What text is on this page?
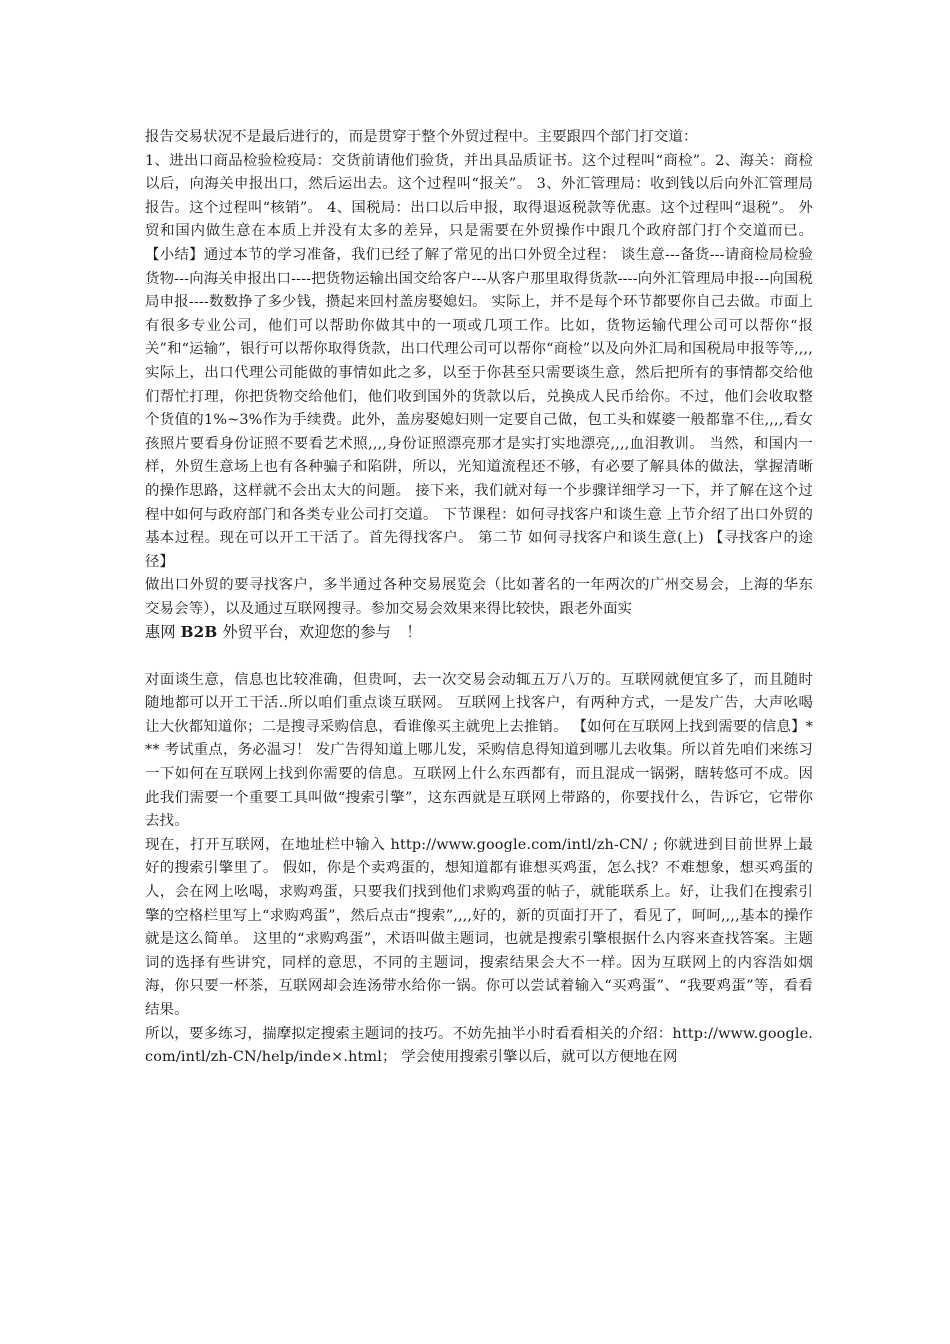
报告交易状况不是最后进行的，而是贯穿于整个外贸过程中。主要跟四个部门打交道：

1、进出口商品检验检疫局：交货前请他们验货，并出具品质证书。这个过程叫“商检”。2、海关：商检以后，向海关申报出口，然后运出去。这个过程叫“报关”。 3、外汇管理局：收到钱以后向外汇管理局报告。这个过程叫“核销”。 4、国税局：出口以后申报，取得退返税款等优惠。这个过程叫“退税”。 外贸和国内做生意在本质上并没有太多的差异，只是需要在外贸操作中跟几个政府部门打个交道而已。 【小结】通过本节的学习准备，我们已经了解了常见的出口外贸全过程： 谈生意---备货---请商检局检验货物---向海关申报出口----把货物运输出国交给客户---从客户那里取得货款----向外汇管理局申报---向国税局申报----数数挣了多少钱，攒起来回村盖房娶媳妇。 实际上，并不是每个环节都要你自己去做。市面上有很多专业公司，他们可以帮助你做其中的一项或几项工作。比如，货物运输代理公司可以帮你“报关”和“运输”，银行可以帮你取得货款，出口代理公司可以帮你“商检”以及向外汇局和国税局申报等等,,,,实际上，出口代理公司能做的事情如此之多，以至于你甚至只需要谈生意，然后把所有的事情都交给他们帮忙打理，你把货物交给他们，他们收到国外的货款以后，兑换成人民币给你。不过，他们会收取整个货值的1%~3%作为手续费。此外，盖房娶媳妇则一定要自己做，包工头和媒婆一般都靠不住,,,,看女孩照片要看身份证照不要看艺术照,,,,身份证照漂亮那才是实打实地漂亮,,,,血泪教训。 当然，和国内一样，外贸生意场上也有各种骗子和陷阱，所以，光知道流程还不够，有必要了解具体的做法，掌握清晰的操作思路，这样就不会出太大的问题。 接下来，我们就对每一个步骤详细学习一下，并了解在这个过程中如何与政府部门和各类专业公司打交道。 下节课程：如何寻找客户和谈生意 上节介绍了出口外贸的基本过程。现在可以开工干活了。首先得找客户。 第二节 如何寻找客户和谈生意(上) 【寻找客户的途径】

做出口外贸的要寻找客户，多半通过各种交易展览会（比如著名的一年两次的广州交易会，上海的华东交易会等），以及通过互联网搜寻。参加交易会效果来得比较快，跟老外面实

惠网 B2B 外贸平台，欢迎您的参与　！

对面谈生意，信息也比较准确，但贵呵，去一次交易会动辄五万八万的。互联网就便宜多了，而且随时随地都可以开工干活..所以咱们重点谈互联网。 互联网上找客户，有两种方式，一是发广告，大声吆喝让大伙都知道你；二是搜寻采购信息，看谁像买主就兜上去推销。 【如何在互联网上找到需要的信息】*** 考试重点，务必温习！ 发广告得知道上哪儿发，采购信息得知道到哪儿去收集。所以首先咱们来练习一下如何在互联网上找到你需要的信息。互联网上什么东西都有，而且混成一锅粥，瞎转悠可不成。因此我们需要一个重要工具叫做“搜索引擎”，这东西就是互联网上带路的，你要找什么，告诉它，它带你去找。

现在，打开互联网，在地址栏中输入 http://www.google.com/intl/zh-CN/ ; 你就进到目前世界上最好的搜索引擎里了。 假如，你是个卖鸡蛋的，想知道都有谁想买鸡蛋，怎么找？不难想象，想买鸡蛋的人，会在网上吆喝，求购鸡蛋，只要我们找到他们求购鸡蛋的帖子，就能联系上。好，让我们在搜索引擎的空格栏里写上“求购鸡蛋”，然后点击“搜索”,,,,好的，新的页面打开了，看见了，呵呵,,,,基本的操作就是这么简单。 这里的“求购鸡蛋”，术语叫做主题词，也就是搜索引擎根据什么内容来查找答案。主题词的选择有些讲究，同样的意思，不同的主题词，搜索结果会大不一样。因为互联网上的内容浩如烟海，你只要一杯茶，互联网却会连汤带水给你一锅。你可以尝试着输入“买鸡蛋”、“我要鸡蛋”等，看看结果。

所以，要多练习，揣摩拟定搜索主题词的技巧。不妨先抽半小时看看相关的介绍：http://www.google.com/intl/zh-CN/help/inde×.html； 学会使用搜索引擎以后，就可以方便地在网
